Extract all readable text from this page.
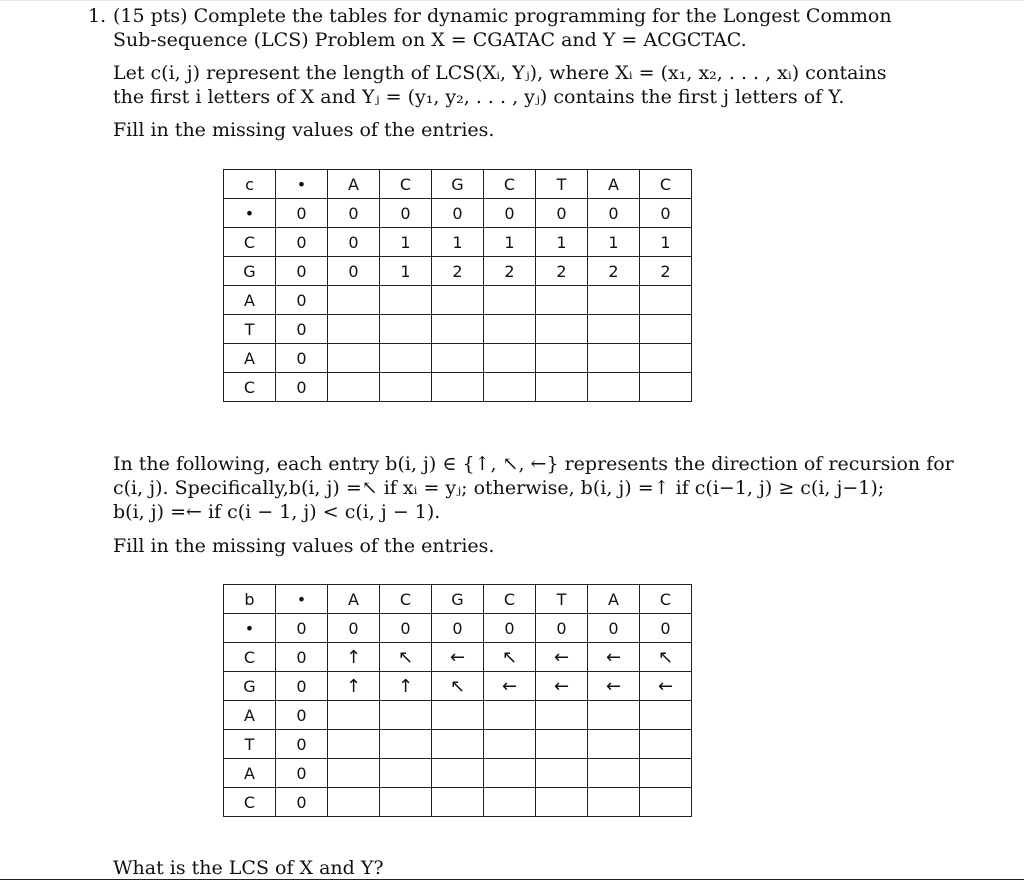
1. (15 pts) Complete the tables for dynamic programming for the Longest Common
Sub-sequence (LCS) Problem on X = CGATAC and Y = ACGCTAC.
Let c(i, j) represent the length of LCS(Xᵢ, Yⱼ), where Xᵢ = (x₁, x₂, . . . , xᵢ) contains
the first i letters of X and Yⱼ = (y₁, y₂, . . . , yⱼ) contains the first j letters of Y.
Fill in the missing values of the entries.
c	•	A	C	G	C	T	A	C
•	0	0	0	0	0	0	0	0
C	0	0	1	1	1	1	1	1
G	0	0	1	2	2	2	2	2
A	0							
T	0							
A	0							
C	0							
In the following, each entry b(i, j) ∈ {↑, ↖, ←} represents the direction of recursion for
c(i, j). Specifically,b(i, j) =↖ if xᵢ = yⱼ; otherwise, b(i, j) =↑ if c(i−1, j) ≥ c(i, j−1);
b(i, j) =← if c(i − 1, j) < c(i, j − 1).
Fill in the missing values of the entries.
b	•	A	C	G	C	T	A	C
•	0	0	0	0	0	0	0	0
C	0	↑	↖	←	↖	←	←	↖
G	0	↑	↑	↖	←	←	←	←
A	0							
T	0							
A	0							
C	0							
What is the LCS of X and Y?
